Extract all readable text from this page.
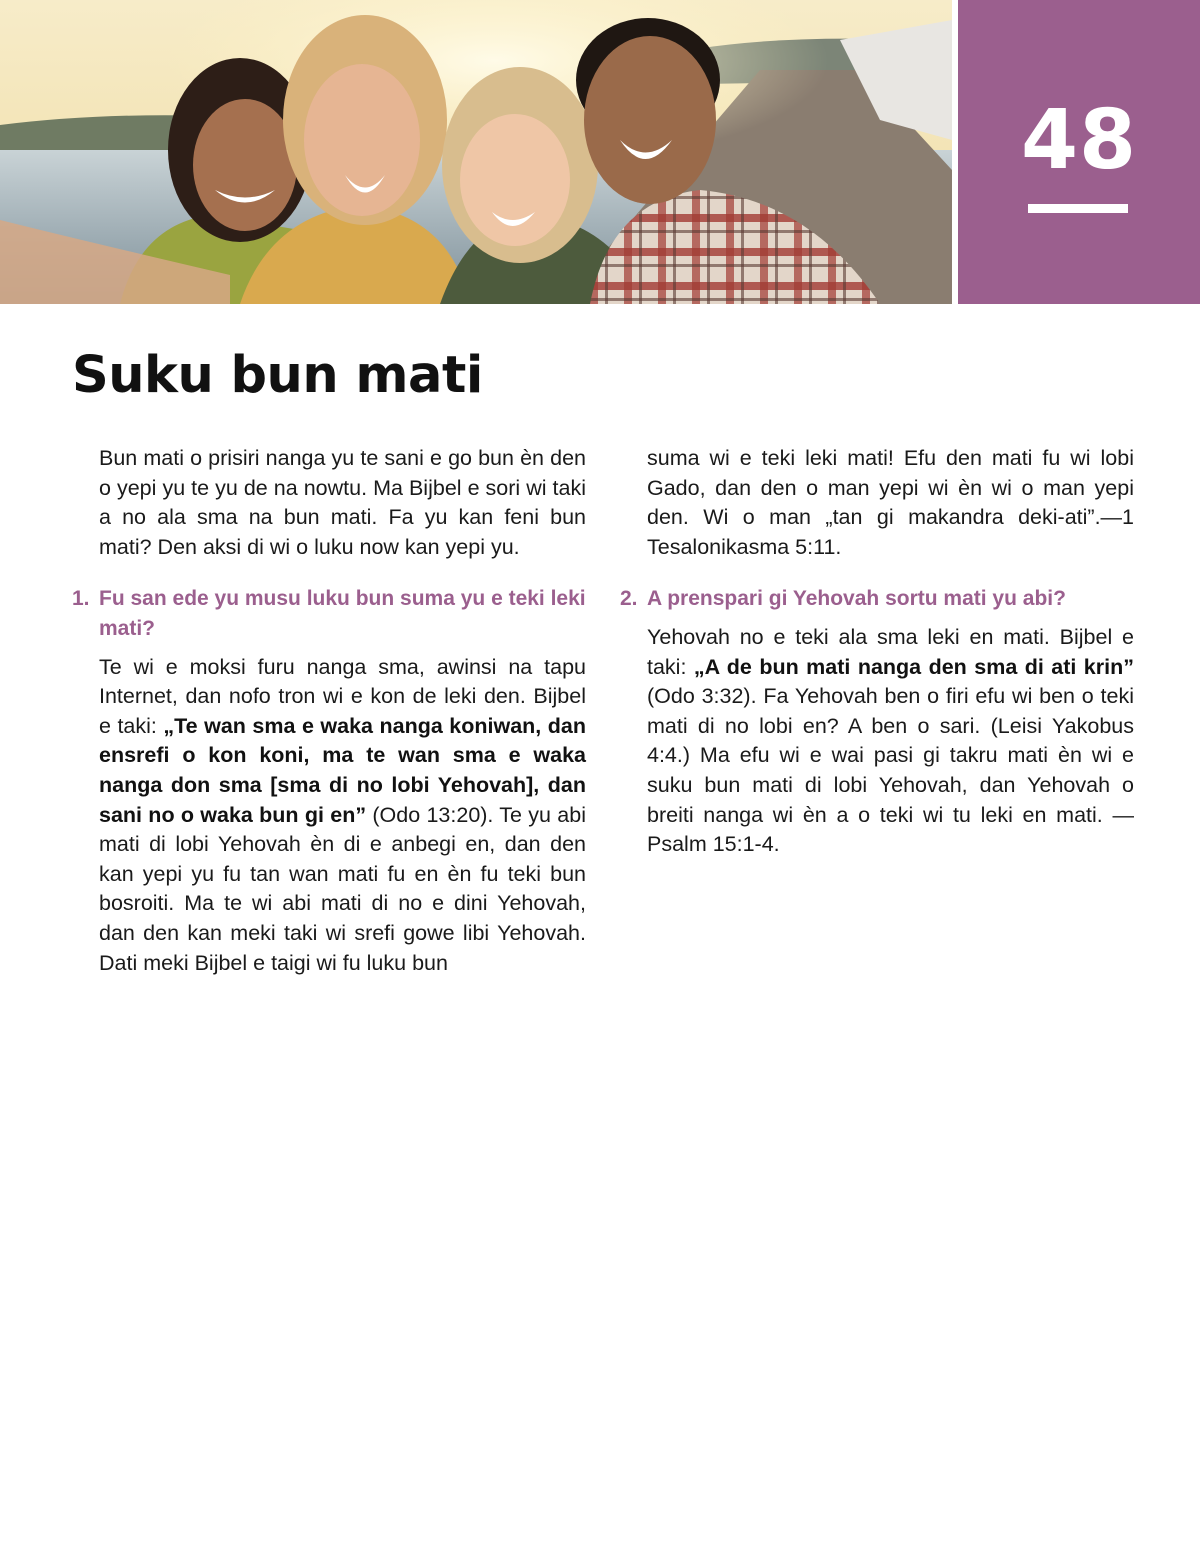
48
Suku bun mati

Bun mati o prisiri nanga yu te sani e go bun èn den o yepi yu te yu de na nowtu. Ma Bijbel e sori wi taki a no ala sma na bun mati. Fa yu kan feni bun mati? Den aksi di wi o luku now kan yepi yu.

1. Fu san ede yu musu luku bun suma yu e teki leki mati?

Te wi e moksi furu nanga sma, awinsi na tapu Internet, dan nofo tron wi e kon de leki den. Bijbel e taki: „Te wan sma e waka nanga koniwan, dan ensrefi o kon koni, ma te wan sma e waka nanga don sma [sma di no lobi Yehovah], dan sani no o waka bun gi en” (Odo 13:20). Te yu abi mati di lobi Yehovah èn di e anbegi en, dan den kan yepi yu fu tan wan mati fu en èn fu teki bun bosroiti. Ma te wi abi mati di no e dini Yehovah, dan den kan meki taki wi srefi gowe libi Yehovah. Dati meki Bijbel e taigi wi fu luku bun

suma wi e teki leki mati! Efu den mati fu wi lobi Gado, dan den o man yepi wi èn wi o man yepi den. Wi o man „tan gi makandra deki-ati”.—1 Tesalonikasma 5:11.

2. A prenspari gi Yehovah sortu mati yu abi?

Yehovah no e teki ala sma leki en mati. Bijbel e taki: „A de bun mati nanga den sma di ati krin” (Odo 3:32). Fa Yehovah ben o firi efu wi ben o teki mati di no lobi en? A ben o sari. (Leisi Yakobus 4:4.) Ma efu wi e wai pasi gi takru mati èn wi e suku bun mati di lobi Yehovah, dan Yehovah o breiti nanga wi èn a o teki wi tu leki en mati. —Psalm 15:1-4.
